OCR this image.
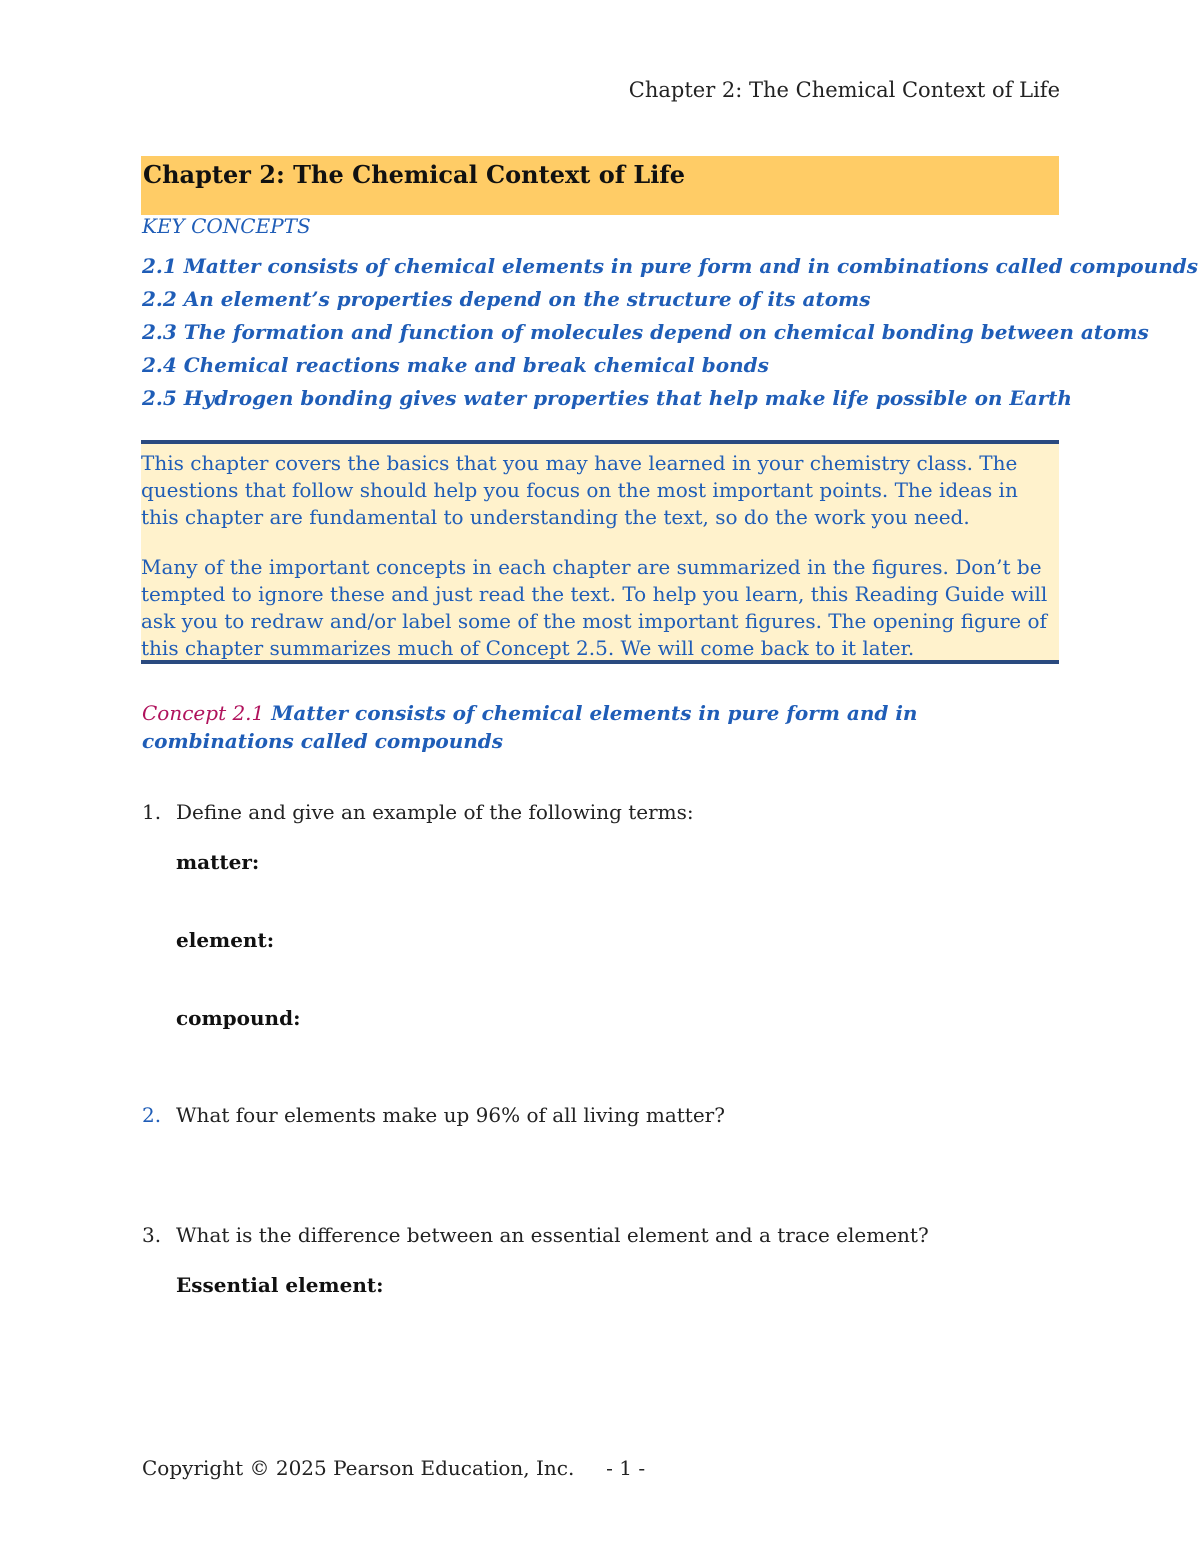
Chapter 2: The Chemical Context of Life
Chapter 2: The Chemical Context of Life
KEY CONCEPTS
2.1 Matter consists of chemical elements in pure form and in combinations called compounds
2.2 An element’s properties depend on the structure of its atoms
2.3 The formation and function of molecules depend on chemical bonding between atoms
2.4 Chemical reactions make and break chemical bonds
2.5 Hydrogen bonding gives water properties that help make life possible on Earth

This chapter covers the basics that you may have learned in your chemistry class. The questions that follow should help you focus on the most important points. The ideas in this chapter are fundamental to understanding the text, so do the work you need.

Many of the important concepts in each chapter are summarized in the figures. Don’t be tempted to ignore these and just read the text. To help you learn, this Reading Guide will ask you to redraw and/or label some of the most important figures. The opening figure of this chapter summarizes much of Concept 2.5. We will come back to it later.

Concept 2.1 Matter consists of chemical elements in pure form and in combinations called compounds
1. Define and give an example of the following terms:
matter:
element:
compound:
2. What four elements make up 96% of all living matter?
3. What is the difference between an essential element and a trace element?
Essential element:
Copyright © 2025 Pearson Education, Inc. - 1 -
